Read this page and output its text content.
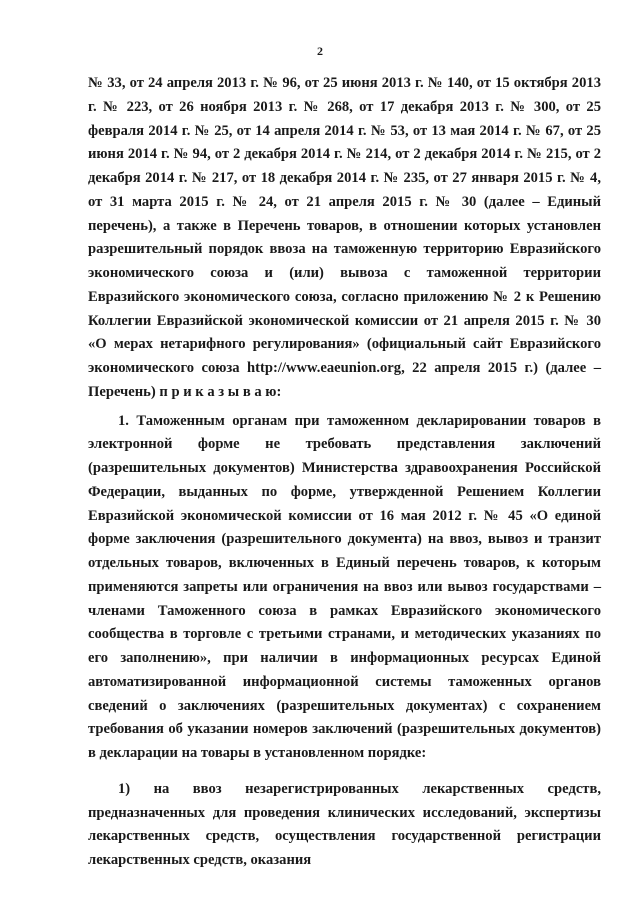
2

№ 33, от 24 апреля 2013 г. № 96, от 25 июня 2013 г. № 140, от 15 октября 2013 г. № 223, от 26 ноября 2013 г. № 268, от 17 декабря 2013 г. № 300, от 25 февраля 2014 г. № 25, от 14 апреля 2014 г. № 53, от 13 мая 2014 г. № 67, от 25 июня 2014 г. № 94, от 2 декабря 2014 г. № 214, от 2 декабря 2014 г. № 215, от 2 декабря 2014 г. № 217, от 18 декабря 2014 г. № 235, от 27 января 2015 г. № 4, от 31 марта 2015 г. № 24, от 21 апреля 2015 г. № 30 (далее – Единый перечень), а также в Перечень товаров, в отношении которых установлен разрешительный порядок ввоза на таможенную территорию Евразийского экономического союза и (или) вывоза с таможенной территории Евразийского экономического союза, согласно приложению № 2 к Решению Коллегии Евразийской экономической комиссии от 21 апреля 2015 г. № 30 «О мерах нетарифного регулирования» (официальный сайт Евразийского экономического союза http://www.eaeunion.org, 22 апреля 2015 г.) (далее – Перечень) п р и к а з ы в а ю:

1. Таможенным органам при таможенном декларировании товаров в электронной форме не требовать представления заключений (разрешительных документов) Министерства здравоохранения Российской Федерации, выданных по форме, утвержденной Решением Коллегии Евразийской экономической комиссии от 16 мая 2012 г. № 45 «О единой форме заключения (разрешительного документа) на ввоз, вывоз и транзит отдельных товаров, включенных в Единый перечень товаров, к которым применяются запреты или ограничения на ввоз или вывоз государствами – членами Таможенного союза в рамках Евразийского экономического сообщества в торговле с третьими странами, и методических указаниях по его заполнению», при наличии в информационных ресурсах Единой автоматизированной информационной системы таможенных органов сведений о заключениях (разрешительных документах) с сохранением требования об указании номеров заключений (разрешительных документов) в декларации на товары в установленном порядке:

1) на ввоз незарегистрированных лекарственных средств, предназначенных для проведения клинических исследований, экспертизы лекарственных средств, осуществления государственной регистрации лекарственных средств, оказания
